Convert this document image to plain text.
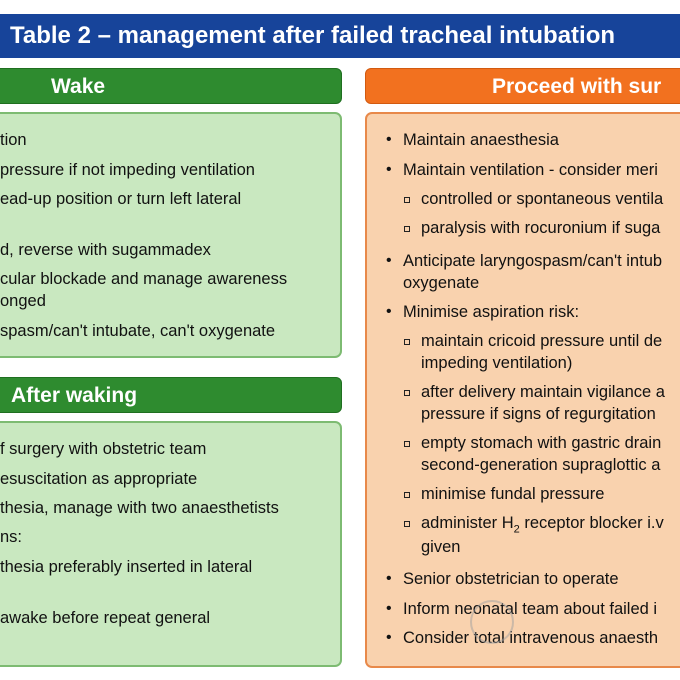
Table 2 – management after failed tracheal intubation
Wake
tion
pressure if not impeding ventilation
ead-up position or turn left lateral
d, reverse with sugammadex
cular blockade and manage awareness
onged
spasm/can't intubate, can't oxygenate
After waking
f surgery with obstetric team
esuscitation as appropriate
thesia, manage with two anaesthetists
ns:
thesia preferably inserted in lateral
awake before repeat general
Proceed with sur
• Maintain anaesthesia
• Maintain ventilation - consider meri
controlled or spontaneous ventila
paralysis with rocuronium if suga
• Anticipate laryngospasm/can't intub
oxygenate
• Minimise aspiration risk:
maintain cricoid pressure until de
impeding ventilation)
after delivery maintain vigilance a
pressure if signs of regurgitation
empty stomach with gastric drain
second-generation supraglottic a
minimise fundal pressure
administer $H_2$ receptor blocker i.v
given
• Senior obstetrician to operate
• Inform neonatal team about failed i
• Consider total intravenous anaesth
